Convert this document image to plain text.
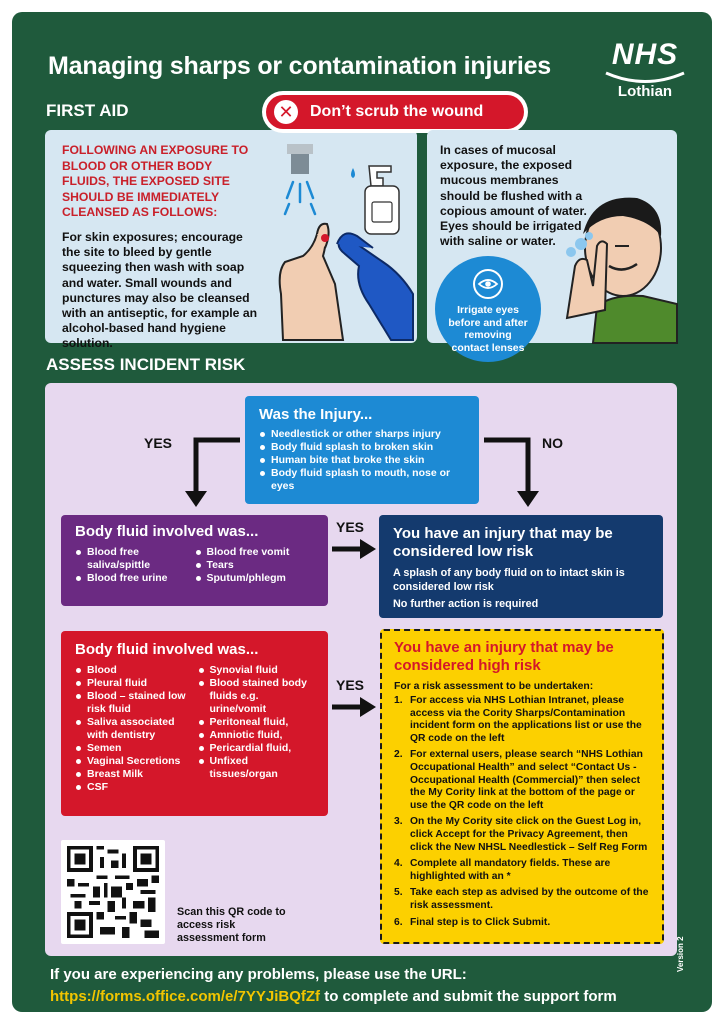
Managing sharps or contamination injuries	NHS
Lothian
FIRST AID
FOLLOWING AN EXPOSURE TO BLOOD OR OTHER BODY FLUIDS, THE EXPOSED SITE SHOULD BE IMMEDIATELY CLEANSED AS FOLLOWS:
For skin exposures; encourage the site to bleed by gentle squeezing then wash with soap and water. Small wounds and punctures may also be cleansed with an antiseptic, for example an alcohol-based hand hygiene solution.
✕ Don’t scrub the wound
In cases of mucosal exposure, the exposed mucous membranes should be flushed with a copious amount of water. Eyes should be irrigated with saline or water.
Irrigate eyes before and after removing contact lenses
ASSESS INCIDENT RISK
Was the Injury...
Needlestick or other sharps injury
Body fluid splash to broken skin
Human bite that broke the skin
Body fluid splash to mouth, nose or eyes
YES	NO
Body fluid involved was...
Blood free saliva/spittle
Blood free urine
Blood free vomit
Tears
Sputum/phlegm
YES You have an injury that may be considered low risk
A splash of any body fluid on to intact skin is considered low risk
No further action is required
Body fluid involved was...
Blood
Pleural fluid
Blood – stained low risk fluid
Saliva associated with dentistry
Semen
Vaginal Secretions
Breast Milk
CSF
Synovial fluid
Blood stained body fluids e.g. urine/vomit
Peritoneal fluid,
Amniotic fluid,
Pericardial fluid,
Unfixed tissues/organ
YES
You have an injury that may be considered high risk
For a risk assessment to be undertaken:
1. For access via NHS Lothian Intranet, please access via the Cority Sharps/Contamination incident form on the applications list or use the QR code on the left
2. For external users, please search “NHS Lothian Occupational Health” and select “Contact Us - Occupational Health (Commercial)” then select the My Cority link at the bottom of the page or use the QR code on the left
3. On the My Cority site click on the Guest Log in, click Accept for the Privacy Agreement, then click the New NHSL Needlestick – Self Reg Form
4. Complete all mandatory fields. These are highlighted with an *
5. Take each step as advised by the outcome of the risk assessment.
6. Final step is to Click Submit.
Scan this QR code to access risk assessment form
If you are experiencing any problems, please use the URL:
https://forms.office.com/e/7YYJiBQfZf to complete and submit the support form
Version 2
